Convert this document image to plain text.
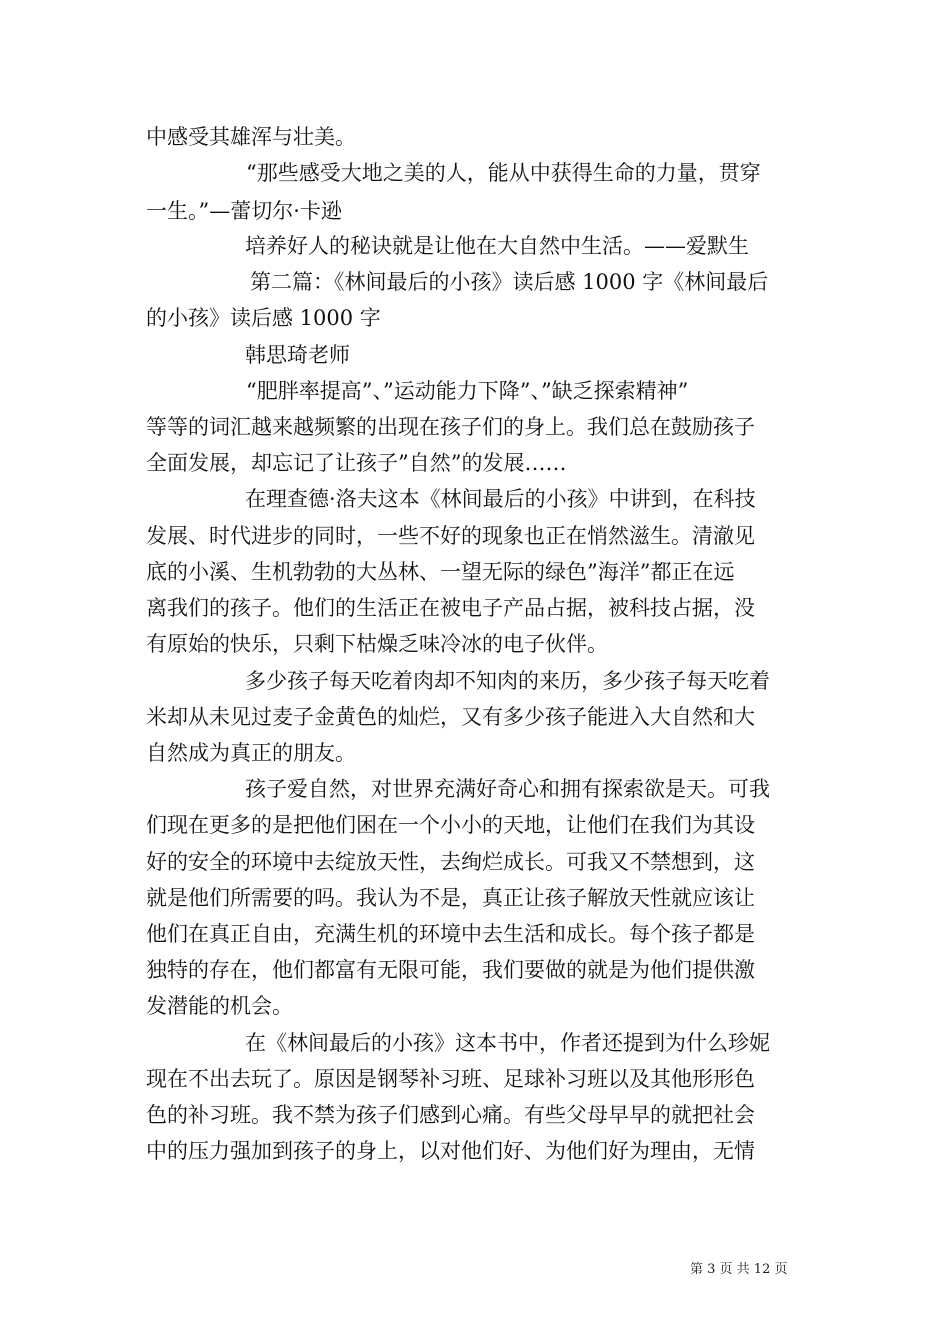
中感受其雄浑与壮美。
“那些感受大地之美的人，能从中获得生命的力量，贯穿
一生。”—蕾切尔·卡逊
培养好人的秘诀就是让他在大自然中生活。——爱默生
第二篇：《林间最后的小孩》读后感 1000 字《林间最后
的小孩》读后感 1000 字
韩思琦老师
“肥胖率提高”、”运动能力下降”、”缺乏探索精神”
等等的词汇越来越频繁的出现在孩子们的身上。我们总在鼓励孩子
全面发展，却忘记了让孩子”自然”的发展……
在理查德·洛夫这本《林间最后的小孩》中讲到，在科技
发展、时代进步的同时，一些不好的现象也正在悄然滋生。清澈见
底的小溪、生机勃勃的大丛林、一望无际的绿色”海洋”都正在远
离我们的孩子。他们的生活正在被电子产品占据，被科技占据，没
有原始的快乐，只剩下枯燥乏味冷冰的电子伙伴。
多少孩子每天吃着肉却不知肉的来历，多少孩子每天吃着
米却从未见过麦子金黄色的灿烂，又有多少孩子能进入大自然和大
自然成为真正的朋友。
孩子爱自然，对世界充满好奇心和拥有探索欲是天。可我
们现在更多的是把他们困在一个小小的天地，让他们在我们为其设
好的安全的环境中去绽放天性，去绚烂成长。可我又不禁想到，这
就是他们所需要的吗。我认为不是，真正让孩子解放天性就应该让
他们在真正自由，充满生机的环境中去生活和成长。每个孩子都是
独特的存在，他们都富有无限可能，我们要做的就是为他们提供激
发潜能的机会。
在《林间最后的小孩》这本书中，作者还提到为什么珍妮
现在不出去玩了。原因是钢琴补习班、足球补习班以及其他形形色
色的补习班。我不禁为孩子们感到心痛。有些父母早早的就把社会
中的压力强加到孩子的身上，以对他们好、为他们好为理由，无情
第 3 页 共 12 页
